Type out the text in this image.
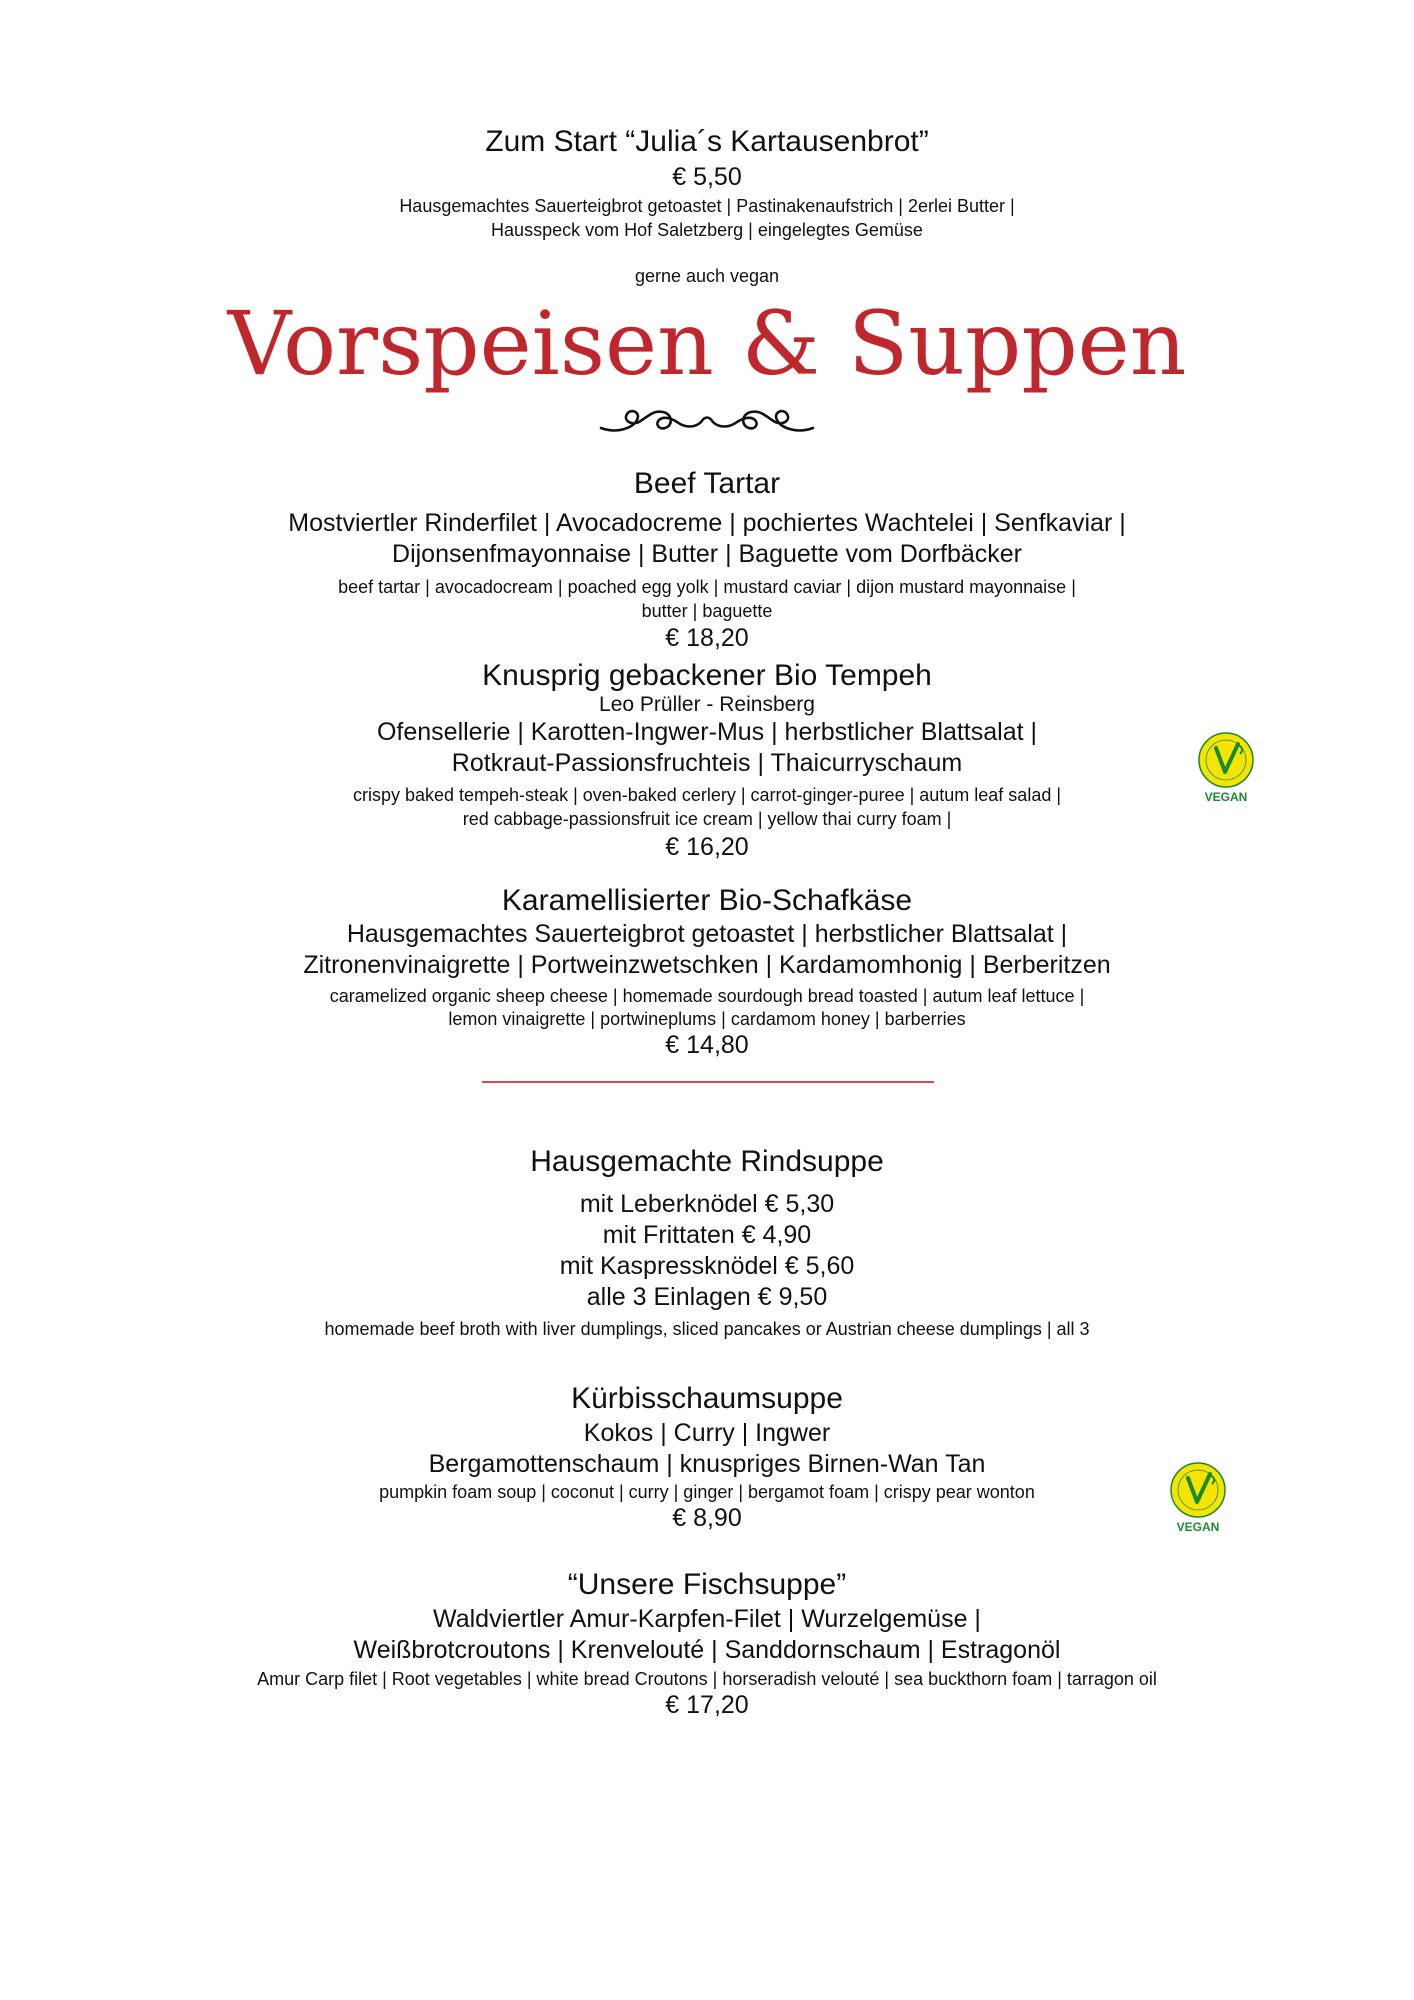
Zum Start “Julia´s Kartausenbrot”
€ 5,50
Hausgemachtes Sauerteigbrot getoastet | Pastinakenaufstrich | 2erlei Butter |
Hausspeck vom Hof Saletzberg | eingelegtes Gemüse
gerne auch vegan
Vorspeisen & Suppen
Beef Tartar
Mostviertler Rinderfilet | Avocadocreme | pochiertes Wachtelei | Senfkaviar |
Dijonsenfmayonnaise | Butter | Baguette vom Dorfbäcker
beef tartar | avocadocream | poached egg yolk | mustard caviar | dijon mustard mayonnaise |
butter | baguette
€ 18,20
Knusprig gebackener Bio Tempeh
Leo Prüller - Reinsberg
Ofensellerie | Karotten-Ingwer-Mus | herbstlicher Blattsalat |
Rotkraut-Passionsfruchteis | Thaicurryschaum
crispy baked tempeh-steak | oven-baked cerlery | carrot-ginger-puree | autum leaf salad |
red cabbage-passionsfruit ice cream | yellow thai curry foam |
€ 16,20
VEGAN
Karamellisierter Bio-Schafkäse
Hausgemachtes Sauerteigbrot getoastet | herbstlicher Blattsalat |
Zitronenvinaigrette | Portweinzwetschken | Kardamomhonig | Berberitzen
caramelized organic sheep cheese | homemade sourdough bread toasted | autum leaf lettuce |
lemon vinaigrette | portwineplums | cardamom honey | barberries
€ 14,80
Hausgemachte Rindsuppe
mit Leberknödel € 5,30
mit Frittaten € 4,90
mit Kaspressknödel € 5,60
alle 3 Einlagen € 9,50
homemade beef broth with liver dumplings, sliced pancakes or Austrian cheese dumplings | all 3
Kürbisschaumsuppe
Kokos | Curry | Ingwer
Bergamottenschaum | knuspriges Birnen-Wan Tan
pumpkin foam soup | coconut | curry | ginger | bergamot foam | crispy pear wonton
€ 8,90	VEGAN
“Unsere Fischsuppe”
Waldviertler Amur-Karpfen-Filet | Wurzelgemüse |
Weißbrotcroutons | Krenvelouté | Sanddornschaum | Estragonöl
Amur Carp filet | Root vegetables | white bread Croutons | horseradish velouté | sea buckthorn foam | tarragon oil
€ 17,20
